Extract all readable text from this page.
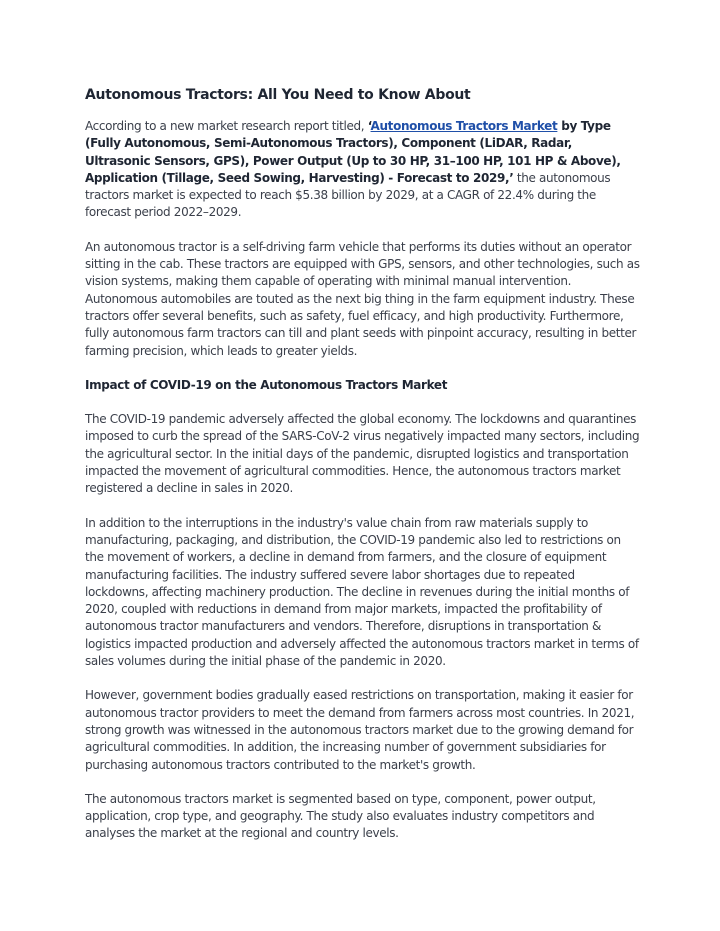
Autonomous Tractors: All You Need to Know About

According to a new market research report titled, ‘Autonomous Tractors Market by Type (Fully Autonomous, Semi-Autonomous Tractors), Component (LiDAR, Radar, Ultrasonic Sensors, GPS), Power Output (Up to 30 HP, 31–100 HP, 101 HP & Above), Application (Tillage, Seed Sowing, Harvesting) - Forecast to 2029,’ the autonomous tractors market is expected to reach $5.38 billion by 2029, at a CAGR of 22.4% during the forecast period 2022–2029.

An autonomous tractor is a self-driving farm vehicle that performs its duties without an operator sitting in the cab. These tractors are equipped with GPS, sensors, and other technologies, such as vision systems, making them capable of operating with minimal manual intervention. Autonomous automobiles are touted as the next big thing in the farm equipment industry. These tractors offer several benefits, such as safety, fuel efficacy, and high productivity. Furthermore, fully autonomous farm tractors can till and plant seeds with pinpoint accuracy, resulting in better farming precision, which leads to greater yields.

Impact of COVID-19 on the Autonomous Tractors Market

The COVID-19 pandemic adversely affected the global economy. The lockdowns and quarantines imposed to curb the spread of the SARS-CoV-2 virus negatively impacted many sectors, including the agricultural sector. In the initial days of the pandemic, disrupted logistics and transportation impacted the movement of agricultural commodities. Hence, the autonomous tractors market registered a decline in sales in 2020.

In addition to the interruptions in the industry's value chain from raw materials supply to manufacturing, packaging, and distribution, the COVID-19 pandemic also led to restrictions on the movement of workers, a decline in demand from farmers, and the closure of equipment manufacturing facilities. The industry suffered severe labor shortages due to repeated lockdowns, affecting machinery production. The decline in revenues during the initial months of 2020, coupled with reductions in demand from major markets, impacted the profitability of autonomous tractor manufacturers and vendors. Therefore, disruptions in transportation & logistics impacted production and adversely affected the autonomous tractors market in terms of sales volumes during the initial phase of the pandemic in 2020.

However, government bodies gradually eased restrictions on transportation, making it easier for autonomous tractor providers to meet the demand from farmers across most countries. In 2021, strong growth was witnessed in the autonomous tractors market due to the growing demand for agricultural commodities. In addition, the increasing number of government subsidiaries for purchasing autonomous tractors contributed to the market's growth.

The autonomous tractors market is segmented based on type, component, power output, application, crop type, and geography. The study also evaluates industry competitors and analyses the market at the regional and country levels.
